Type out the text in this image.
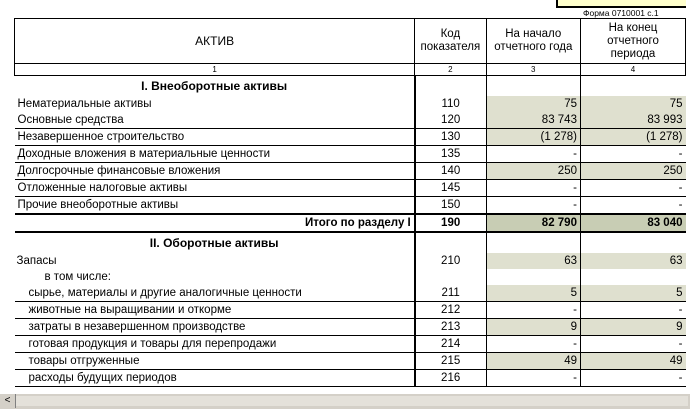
Форма 0710001 с.1
АКТИВ	Код показателя	На начало отчетного года	На конец отчетного периода
1	2	3	4
I. Внеоборотные активы			
Нематериальные активы	110	75	75
Основные средства	120	83 743	83 993
Незавершенное строительство	130	(1 278)	(1 278)
Доходные вложения в материальные ценности	135	-	-
Долгосрочные финансовые вложения	140	250	250
Отложенные налоговые активы	145	-	-
Прочие внеоборотные активы	150	-	-
Итого по разделу I	190	82 790	83 040
II. Оборотные активы			
Запасы	210	63	63
в том числе:			
сырье, материалы и другие аналогичные ценности	211	5	5
животные на выращивании и откорме	212	-	-
затраты в незавершенном производстве	213	9	9
готовая продукция и товары для перепродажи	214	-	-
товары отгруженные	215	49	49
расходы будущих периодов	216	-	-
<
